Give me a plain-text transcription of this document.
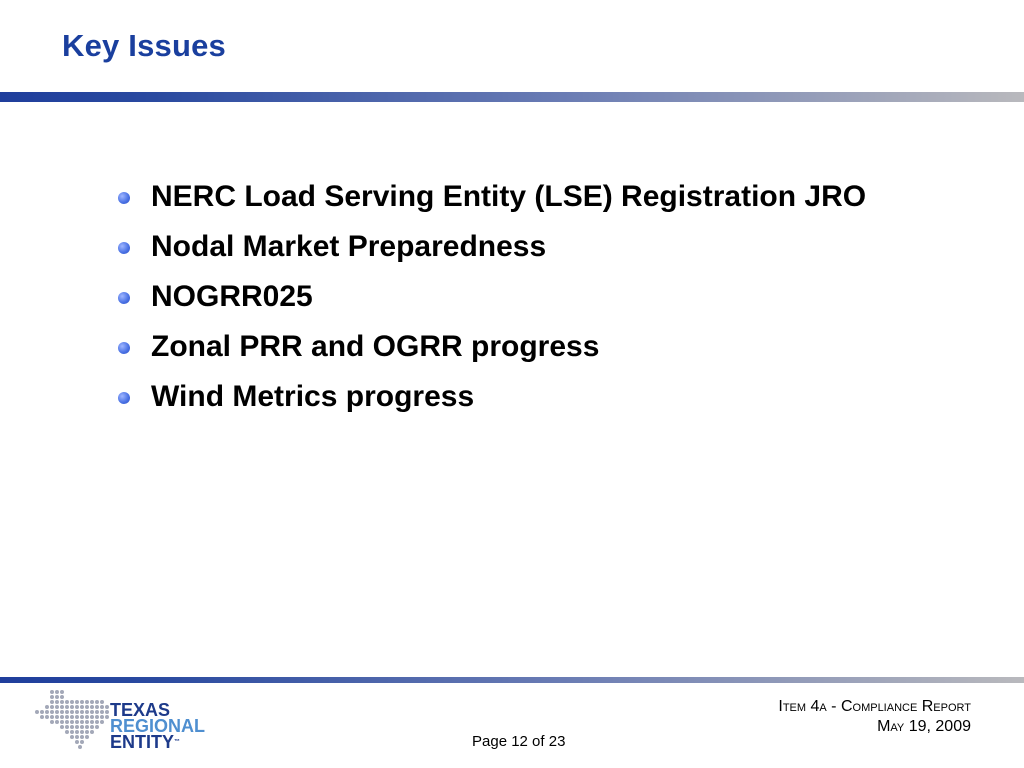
Key Issues
NERC Load Serving Entity (LSE) Registration JRO
Nodal Market Preparedness
NOGRR025
Zonal PRR and OGRR progress
Wind Metrics progress
TEXAS
REGIONAL
ENTITY™
Item 4a - Compliance Report
May 19, 2009
Page 12 of 23
